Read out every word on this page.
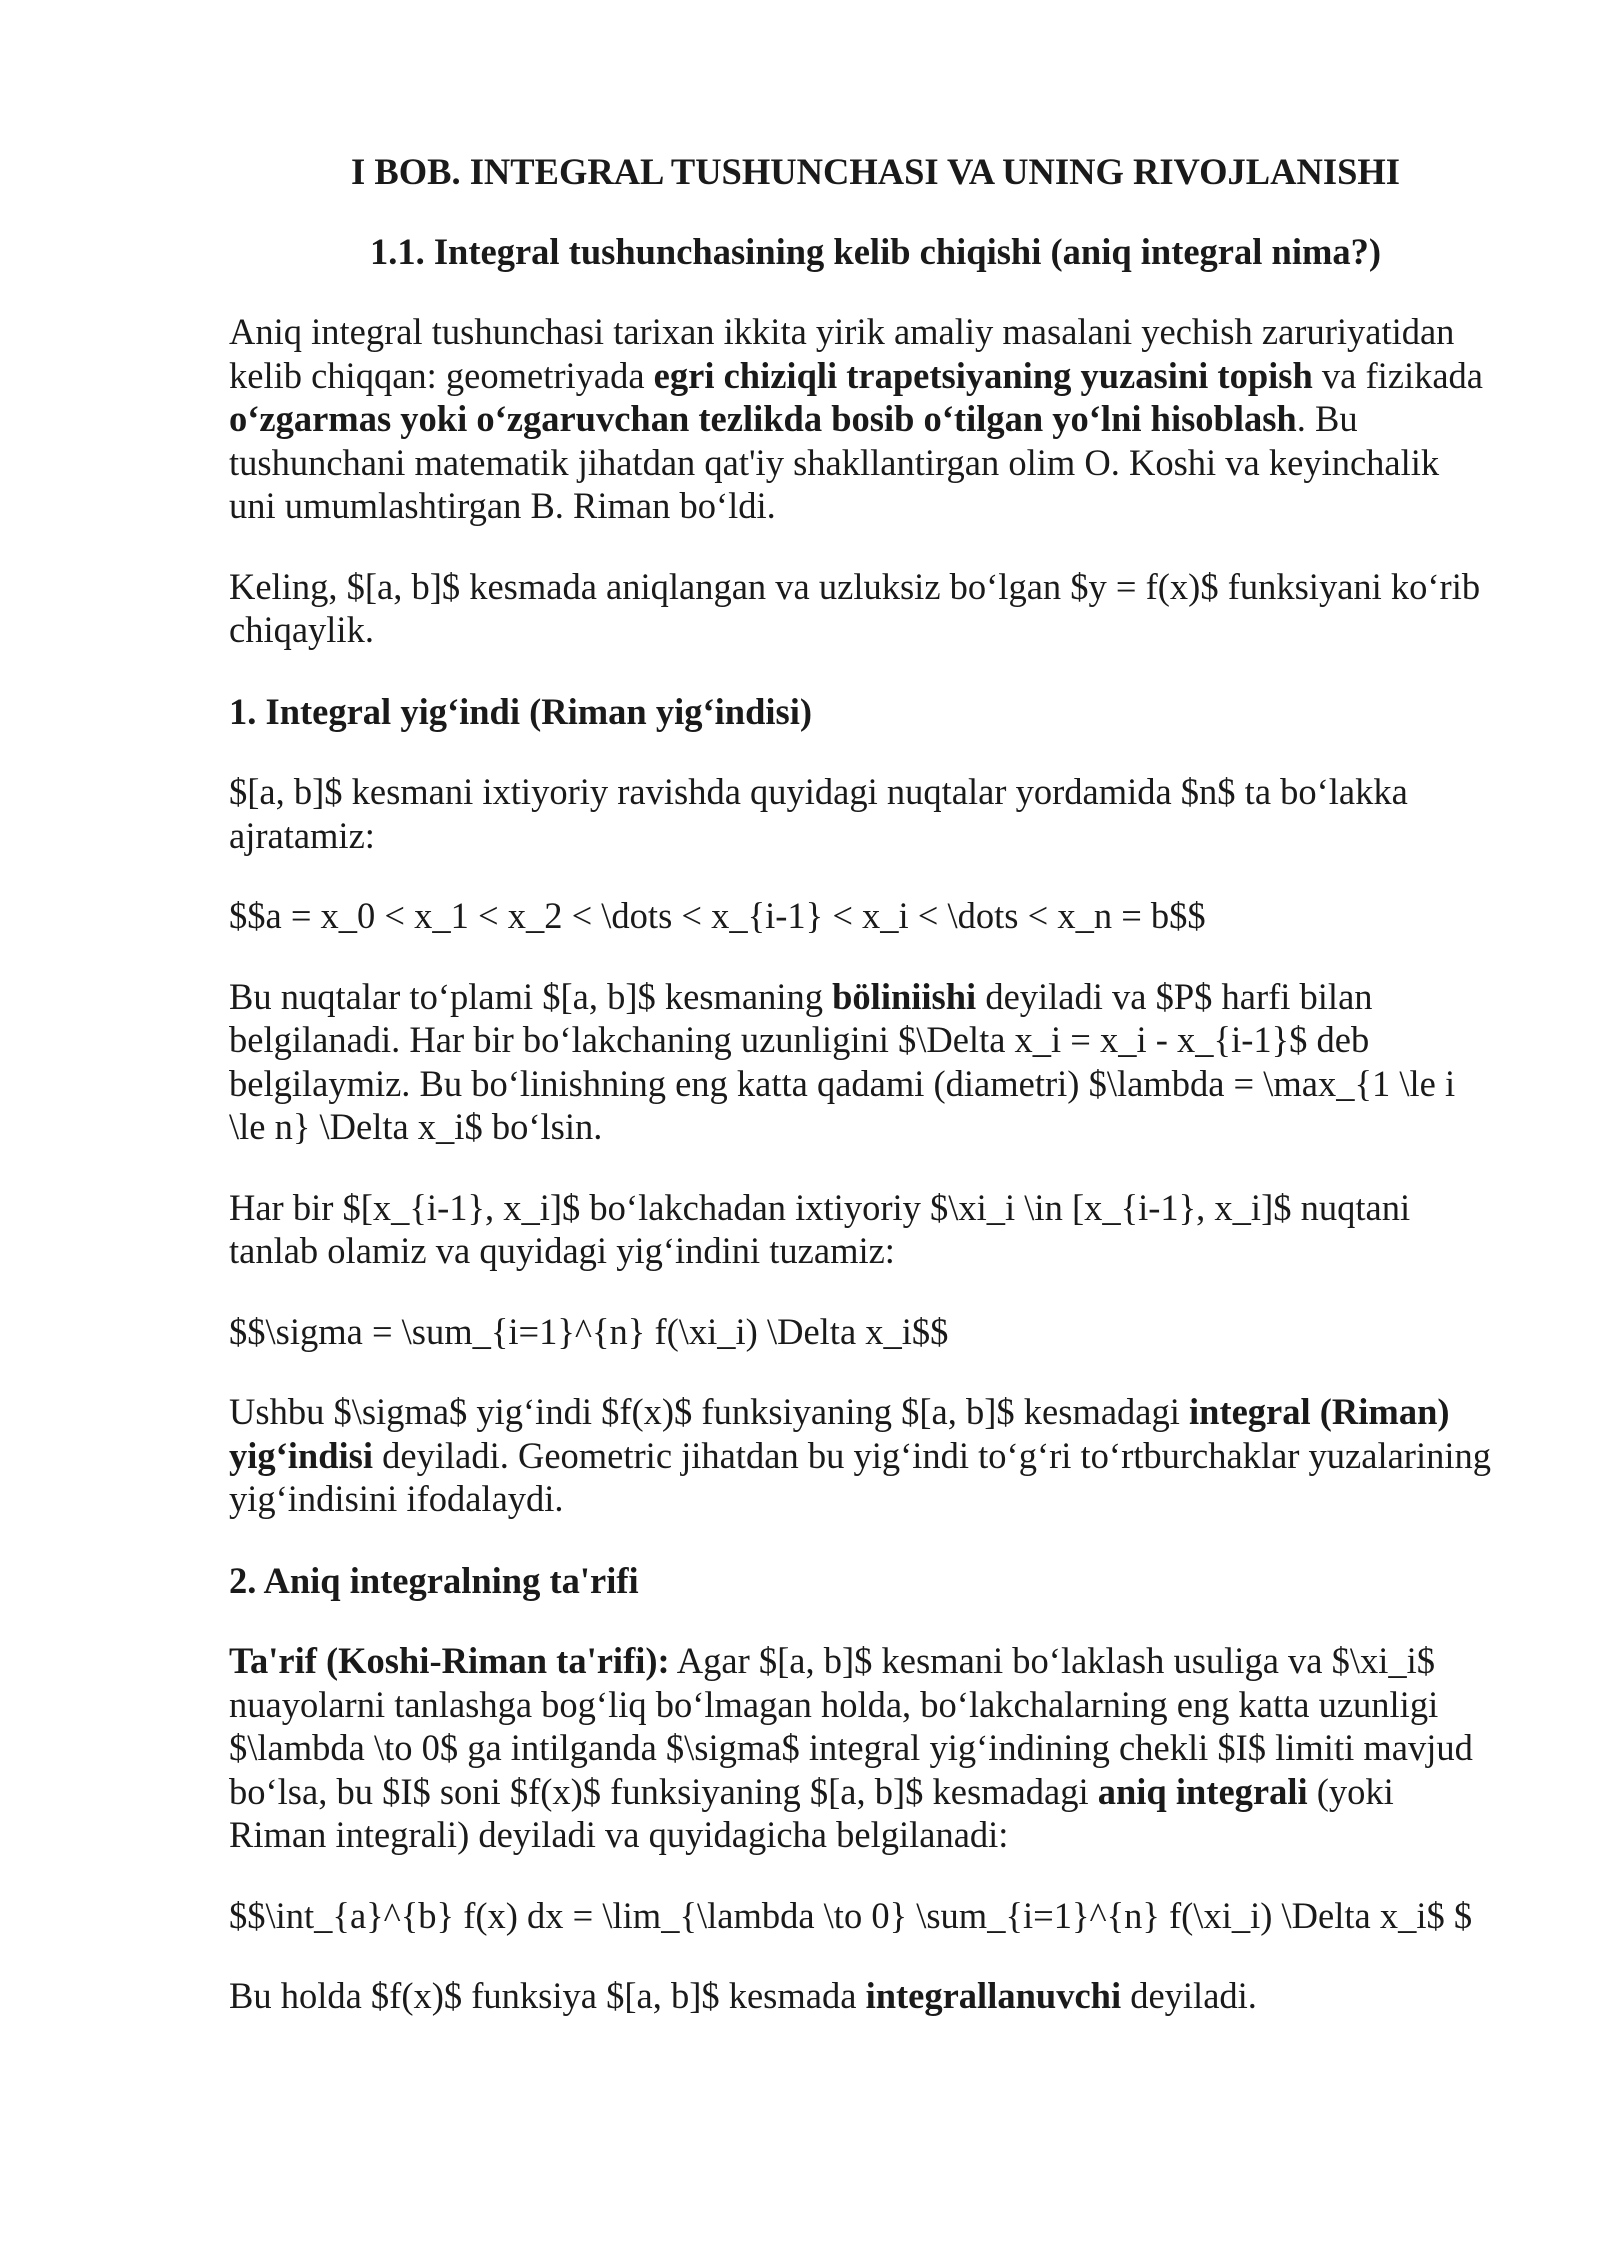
I BOB. INTEGRAL TUSHUNCHASI VA UNING RIVOJLANISHI
1.1. Integral tushunchasining kelib chiqishi (aniq integral nima?)

Aniq integral tushunchasi tarixan ikkita yirik amaliy masalani yechish zaruriyatidan kelib chiqqan: geometriyada egri chiziqli trapetsiyaning yuzasini topish va fizikada o‘zgarmas yoki o‘zgaruvchan tezlikda bosib o‘tilgan yo‘lni hisoblash. Bu tushunchani matematik jihatdan qat'iy shakllantirgan olim O. Koshi va keyinchalik uni umumlashtirgan B. Riman bo‘ldi.

Keling, $[a, b]$ kesmada aniqlangan va uzluksiz bo‘lgan $y = f(x)$ funksiyani ko‘rib chiqaylik.

1. Integral yig‘indi (Riman yig‘indisi)

$[a, b]$ kesmani ixtiyoriy ravishda quyidagi nuqtalar yordamida $n$ ta bo‘lakka ajratamiz:

$$a = x_0 < x_1 < x_2 < \dots < x_{i-1} < x_i < \dots < x_n = b$$

Bu nuqtalar to‘plami $[a, b]$ kesmaning böliniishi deyiladi va $P$ harfi bilan belgilanadi. Har bir bo‘lakchaning uzunligini $\Delta x_i = x_i - x_{i-1}$ deb belgilaymiz. Bu bo‘linishning eng katta qadami (diametri) $\lambda = \max_{1 \le i \le n} \Delta x_i$ bo‘lsin.

Har bir $[x_{i-1}, x_i]$ bo‘lakchadan ixtiyoriy $\xi_i \in [x_{i-1}, x_i]$ nuqtani tanlab olamiz va quyidagi yig‘indini tuzamiz:

$$\sigma = \sum_{i=1}^{n} f(\xi_i) \Delta x_i$$

Ushbu $\sigma$ yig‘indi $f(x)$ funksiyaning $[a, b]$ kesmadagi integral (Riman) yig‘indisi deyiladi. Geometric jihatdan bu yig‘indi to‘g‘ri to‘rtburchaklar yuzalarining yig‘indisini ifodalaydi.

2. Aniq integralning ta'rifi

Ta'rif (Koshi-Riman ta'rifi): Agar $[a, b]$ kesmani bo‘laklash usuliga va $\xi_i$ nuayolarni tanlashga bog‘liq bo‘lmagan holda, bo‘lakchalarning eng katta uzunligi $\lambda \to 0$ ga intilganda $\sigma$ integral yig‘indining chekli $I$ limiti mavjud bo‘lsa, bu $I$ soni $f(x)$ funksiyaning $[a, b]$ kesmadagi aniq integrali (yoki Riman integrali) deyiladi va quyidagicha belgilanadi:

$$\int_{a}^{b} f(x) dx = \lim_{\lambda \to 0} \sum_{i=1}^{n} f(\xi_i) \Delta x_i$ $

Bu holda $f(x)$ funksiya $[a, b]$ kesmada integrallanuvchi deyiladi.
